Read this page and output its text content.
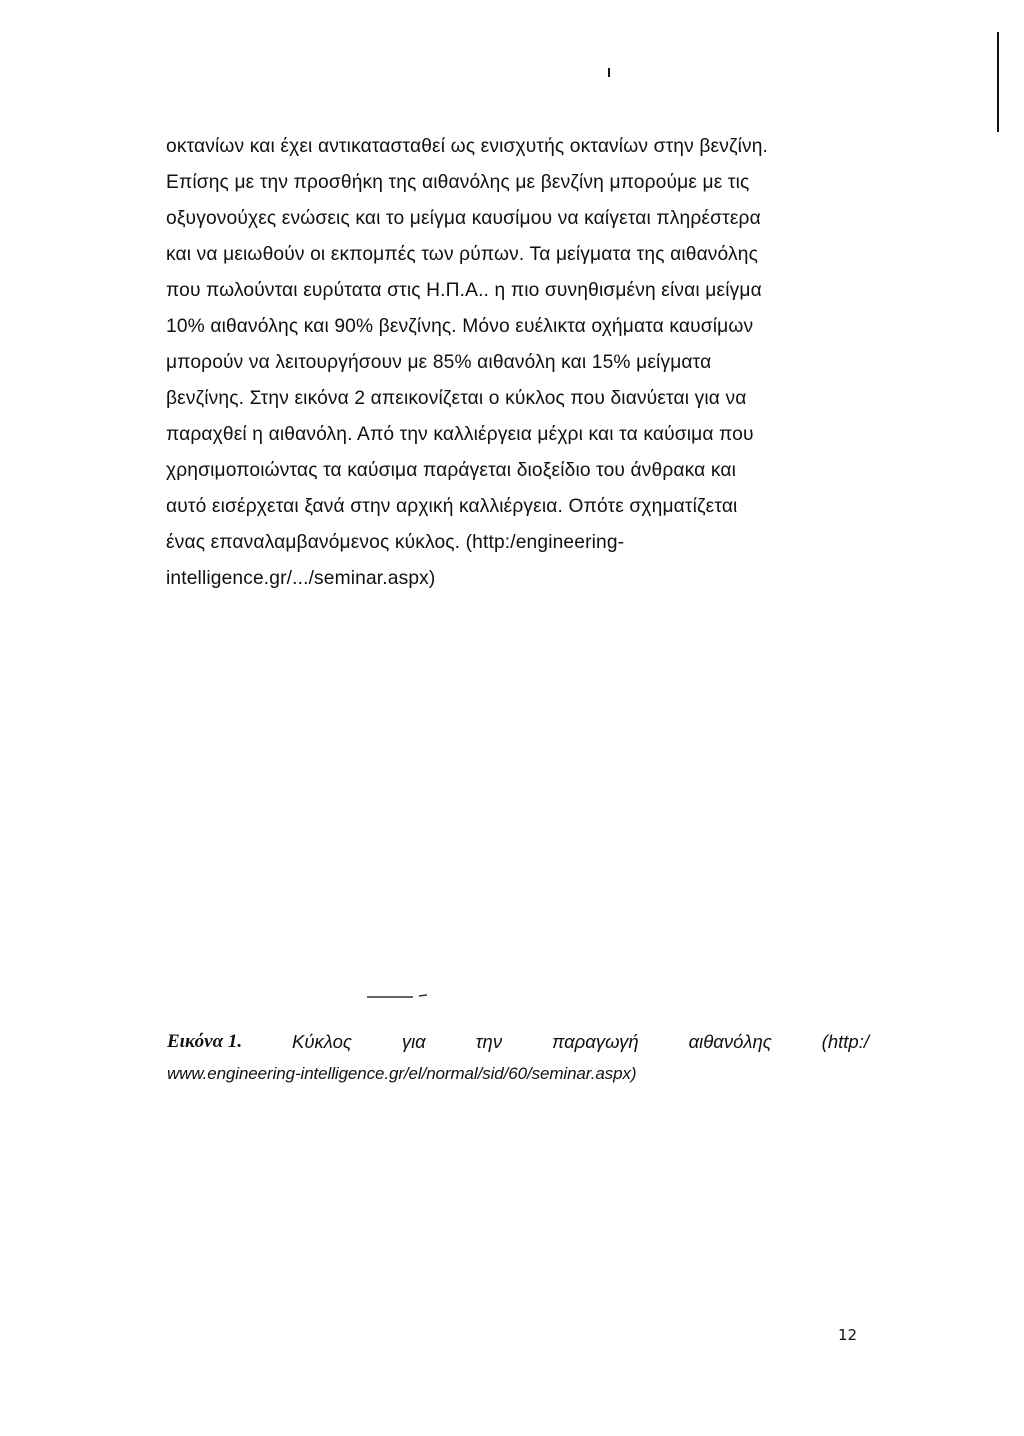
οκτανίων και έχει αντικατασταθεί ως ενισχυτής οκτανίων στην βενζίνη.
Επίσης με την προσθήκη της αιθανόλης με βενζίνη μπορούμε με τις
οξυγονούχες ενώσεις και το μείγμα καυσίμου να καίγεται πληρέστερα
και να μειωθούν οι εκπομπές των ρύπων. Τα μείγματα της αιθανόλης
που πωλούνται ευρύτατα στις Η.Π.Α.. η πιο συνηθισμένη είναι μείγμα
10% αιθανόλης και 90% βενζίνης. Μόνο ευέλικτα οχήματα καυσίμων
μπορούν να λειτουργήσουν με 85% αιθανόλη και 15% μείγματα
βενζίνης. Στην εικόνα 2 απεικονίζεται ο κύκλος που διανύεται για να
παραχθεί η αιθανόλη. Από την καλλιέργεια μέχρι και τα καύσιμα που
χρησιμοποιώντας τα καύσιμα παράγεται διοξείδιο του άνθρακα και
αυτό εισέρχεται ξανά στην αρχική καλλιέργεια. Οπότε σχηματίζεται
ένας επαναλαμβανόμενος κύκλος. (http:/engineering-
intelligence.gr/.../seminar.aspx)
Εικόνα 1.	Κύκλος	για	την	παραγωγή	αιθανόλης	(http:/
www.engineering-intelligence.gr/el/normal/sid/60/seminar.aspx)
12
